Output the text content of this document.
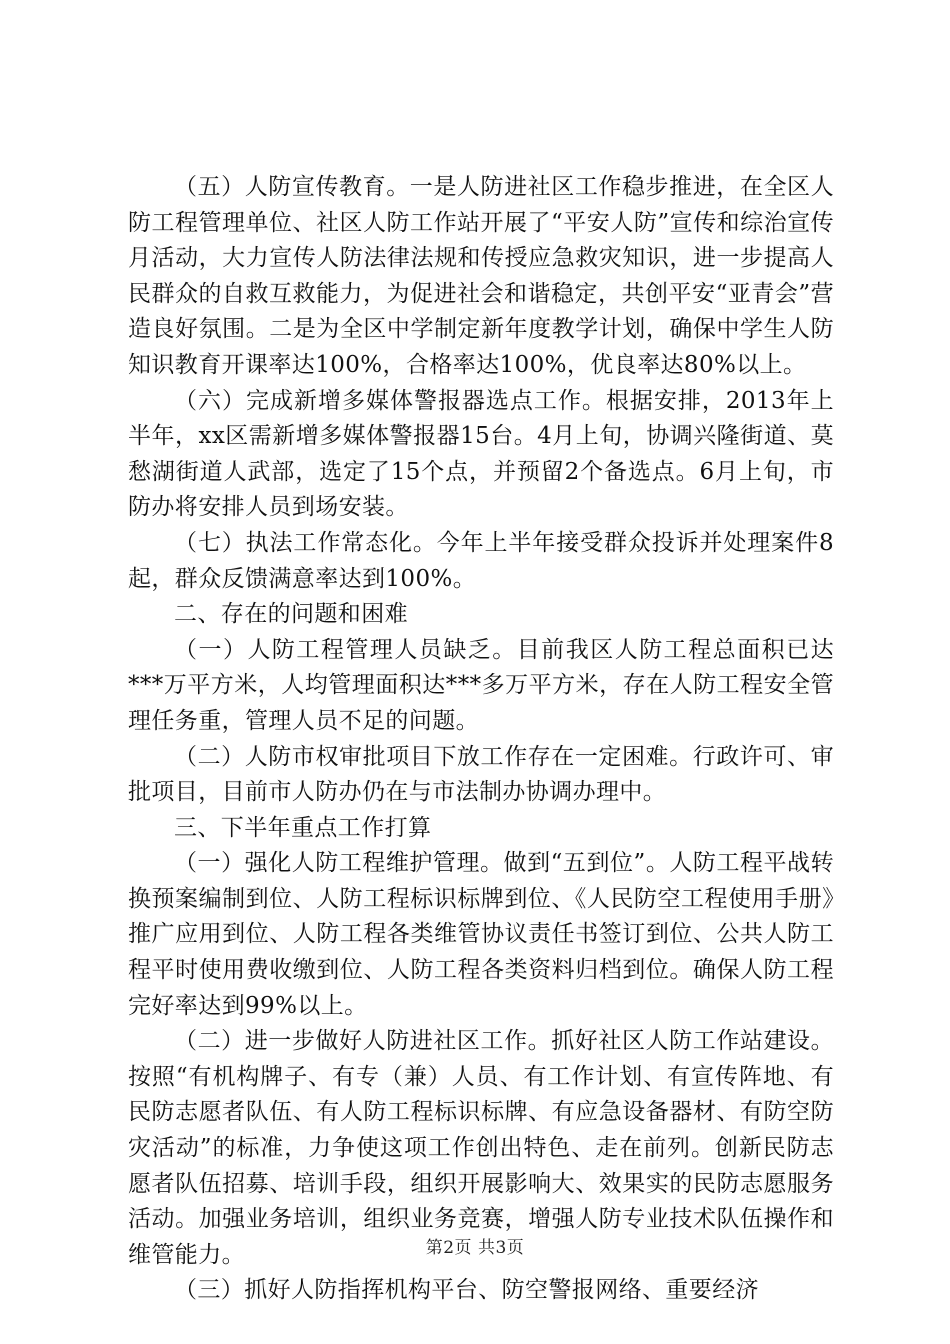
（五）人防宣传教育。一是人防进社区工作稳步推进，在全区人防工程管理单位、社区人防工作站开展了“平安人防”宣传和综治宣传月活动，大力宣传人防法律法规和传授应急救灾知识，进一步提高人民群众的自救互救能力，为促进社会和谐稳定，共创平安“亚青会”营造良好氛围。二是为全区中学制定新年度教学计划，确保中学生人防知识教育开课率达100%，合格率达100%，优良率达80%以上。

（六）完成新增多媒体警报器选点工作。根据安排，2013年上半年，xx区需新增多媒体警报器15台。4月上旬，协调兴隆街道、莫愁湖街道人武部，选定了15个点，并预留2个备选点。6月上旬，市防办将安排人员到场安装。

（七）执法工作常态化。今年上半年接受群众投诉并处理案件8起，群众反馈满意率达到100%。

二、存在的问题和困难

（一）人防工程管理人员缺乏。目前我区人防工程总面积已达***万平方米，人均管理面积达***多万平方米，存在人防工程安全管理任务重，管理人员不足的问题。

（二）人防市权审批项目下放工作存在一定困难。行政许可、审批项目，目前市人防办仍在与市法制办协调办理中。

三、下半年重点工作打算

（一）强化人防工程维护管理。做到“五到位”。人防工程平战转换预案编制到位、人防工程标识标牌到位、《人民防空工程使用手册》推广应用到位、人防工程各类维管协议责任书签订到位、公共人防工程平时使用费收缴到位、人防工程各类资料归档到位。确保人防工程完好率达到99%以上。

（二）进一步做好人防进社区工作。抓好社区人防工作站建设。按照“有机构牌子、有专（兼）人员、有工作计划、有宣传阵地、有民防志愿者队伍、有人防工程标识标牌、有应急设备器材、有防空防灾活动”的标准，力争使这项工作创出特色、走在前列。创新民防志愿者队伍招募、培训手段，组织开展影响大、效果实的民防志愿服务活动。加强业务培训，组织业务竞赛，增强人防专业技术队伍操作和维管能力。

（三）抓好人防指挥机构平台、防空警报网络、重要经济

第2页 共3页
